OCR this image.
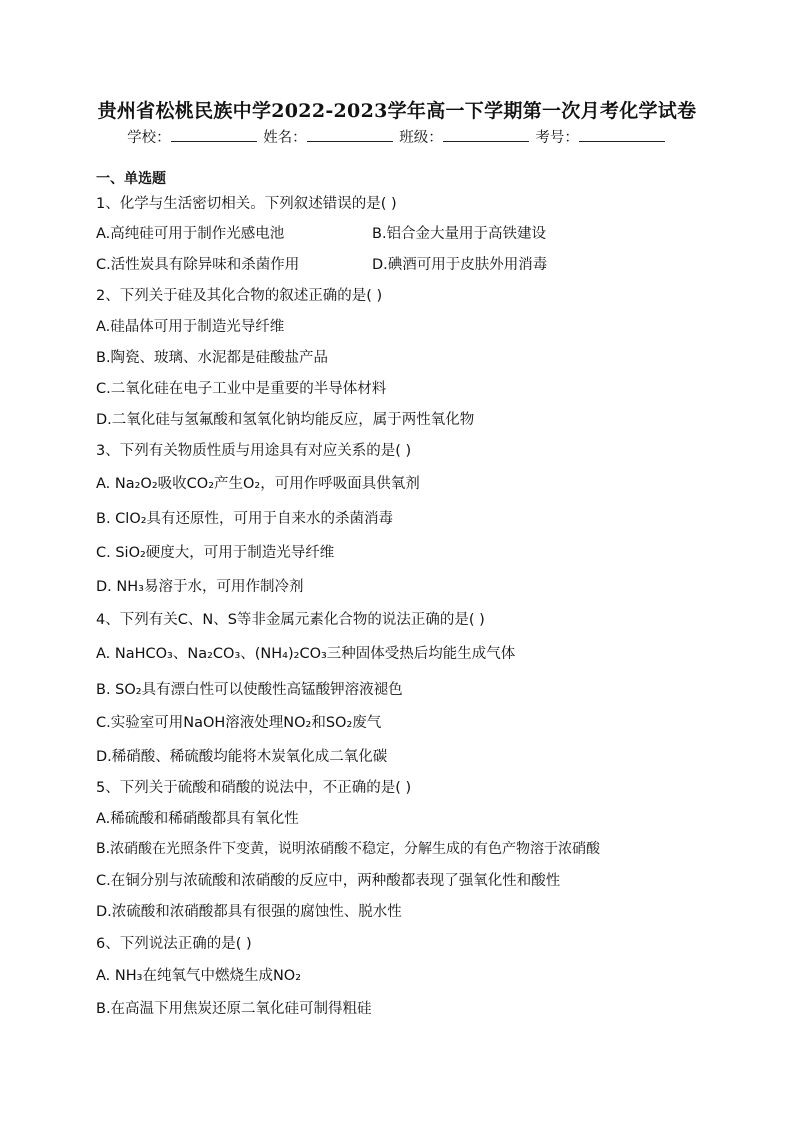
贵州省松桃民族中学2022-2023学年高一下学期第一次月考化学试卷
学校：	姓名：	班级：	考号：
一、单选题
1、化学与生活密切相关。下列叙述错误的是( )
A.高纯硅可用于制作光感电池	B.铝合金大量用于高铁建设
C.活性炭具有除异味和杀菌作用	D.碘酒可用于皮肤外用消毒
2、下列关于硅及其化合物的叙述正确的是( )
A.硅晶体可用于制造光导纤维
B.陶瓷、玻璃、水泥都是硅酸盐产品
C.二氧化硅在电子工业中是重要的半导体材料
D.二氧化硅与氢氟酸和氢氧化钠均能反应，属于两性氧化物
3、下列有关物质性质与用途具有对应关系的是( )
A. Na₂O₂吸收CO₂产生O₂，可用作呼吸面具供氧剂
B. ClO₂具有还原性，可用于自来水的杀菌消毒
C. SiO₂硬度大，可用于制造光导纤维
D. NH₃易溶于水，可用作制冷剂
4、下列有关C、N、S等非金属元素化合物的说法正确的是( )
A. NaHCO₃、Na₂CO₃、(NH₄)₂CO₃三种固体受热后均能生成气体
B. SO₂具有漂白性可以使酸性高锰酸钾溶液褪色
C.实验室可用NaOH溶液处理NO₂和SO₂废气
D.稀硝酸、稀硫酸均能将木炭氧化成二氧化碳
5、下列关于硫酸和硝酸的说法中，不正确的是( )
A.稀硫酸和稀硝酸都具有氧化性
B.浓硝酸在光照条件下变黄，说明浓硝酸不稳定，分解生成的有色产物溶于浓硝酸
C.在铜分别与浓硫酸和浓硝酸的反应中，两种酸都表现了强氧化性和酸性
D.浓硫酸和浓硝酸都具有很强的腐蚀性、脱水性
6、下列说法正确的是( )
A. NH₃在纯氧气中燃烧生成NO₂
B.在高温下用焦炭还原二氧化硅可制得粗硅
